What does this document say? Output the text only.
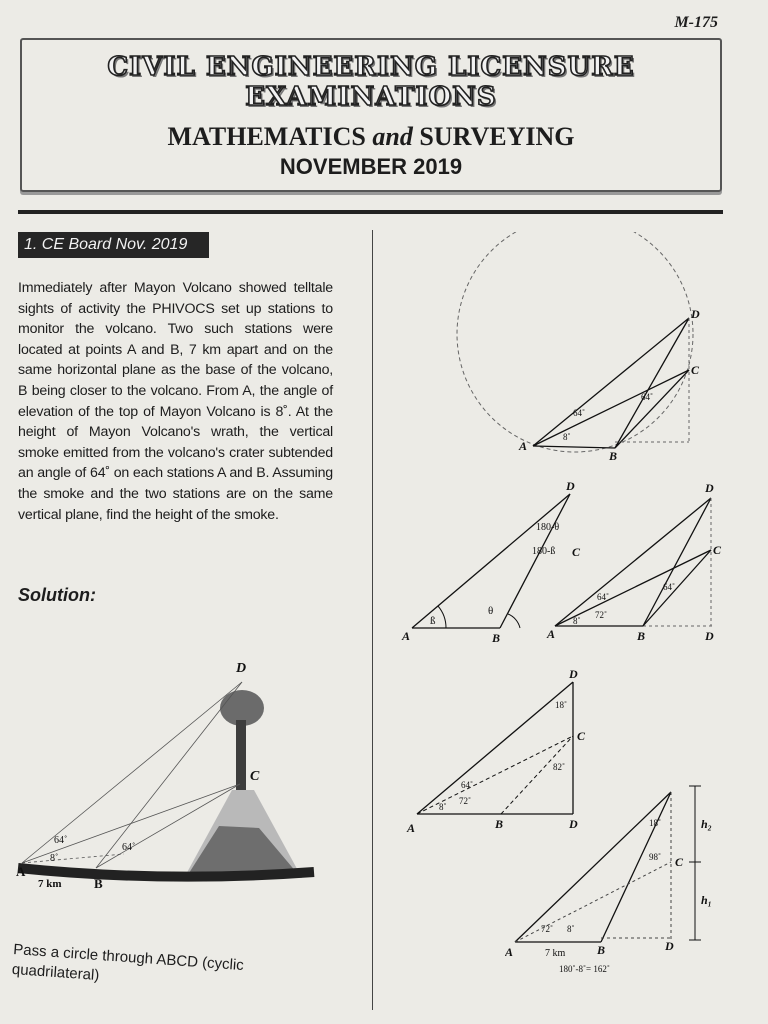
M-175
CIVIL ENGINEERING LICENSURE EXAMINATIONS
MATHEMATICS and SURVEYING
NOVEMBER 2019
1. CE Board Nov. 2019
Immediately after Mayon Volcano showed telltale sights of activity the PHIVOCS set up stations to monitor the volcano. Two such stations were located at points A and B, 7 km apart and on the same horizontal plane as the base of the volcano, B being closer to the volcano. From A, the angle of elevation of the top of Mayon Volcano is 8˚. At the height of Mayon Volcano's wrath, the vertical smoke emitted from the volcano's crater subtended an angle of 64˚ on each stations A and B. Assuming the smoke and the two stations are on the same vertical plane, find the height of the smoke.
Solution:
D
C
A
B
64˚
8˚
64˚
7 km
Pass a circle through ABCD (cyclic quadrilateral)
D
C
A
B
64˚
64˚
8˚
D
C
A	B
180-θ
180-ß
ß
θ
D
C
A	B	D
64˚
72˚
8˚
64˚
D
C
A	B	D
18˚
82˚
64˚
72˚
8˚
C
A	B	D
h₂
h₁
18˚
98˚
72˚ 8˚
7 km
180˚-8˚= 162˚
